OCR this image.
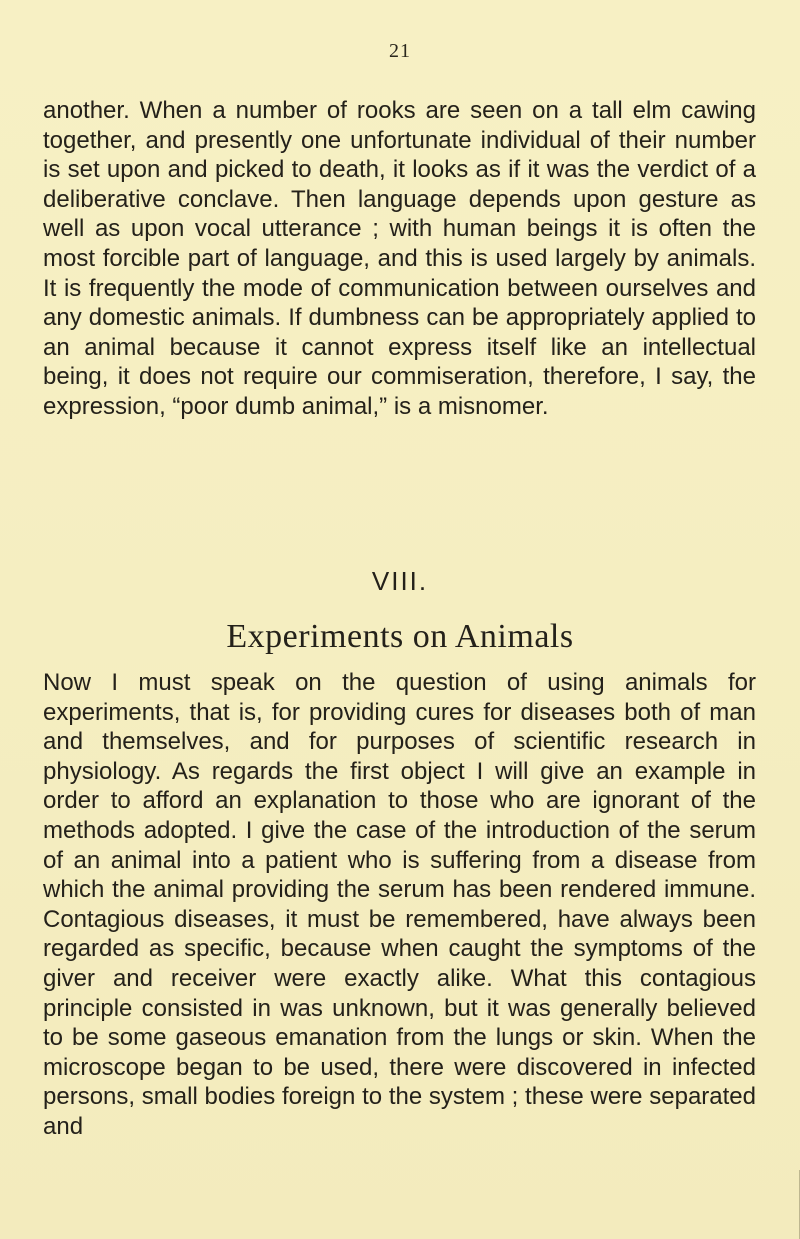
21

another. When a number of rooks are seen on a tall elm cawing together, and presently one unfortunate individual of their number is set upon and picked to death, it looks as if it was the verdict of a deliberative conclave. Then language depends upon gesture as well as upon vocal utterance ; with human beings it is often the most forcible part of language, and this is used largely by animals. It is frequently the mode of communication between ourselves and any domestic animals. If dumbness can be appropriately applied to an animal because it cannot express itself like an intellectual being, it does not require our commiseration, therefore, I say, the expression, “poor dumb animal,” is a misnomer.

VIII.
Experiments on Animals

Now I must speak on the question of using animals for experiments, that is, for providing cures for diseases both of man and themselves, and for purposes of scientific research in physiology. As regards the first object I will give an example in order to afford an explanation to those who are ignorant of the methods adopted. I give the case of the introduction of the serum of an animal into a patient who is suffering from a disease from which the animal providing the serum has been rendered immune. Contagious diseases, it must be remembered, have always been regarded as specific, because when caught the symptoms of the giver and receiver were exactly alike. What this contagious principle consisted in was unknown, but it was generally believed to be some gaseous emanation from the lungs or skin. When the microscope began to be used, there were discovered in infected persons, small bodies foreign to the system ; these were separated and
